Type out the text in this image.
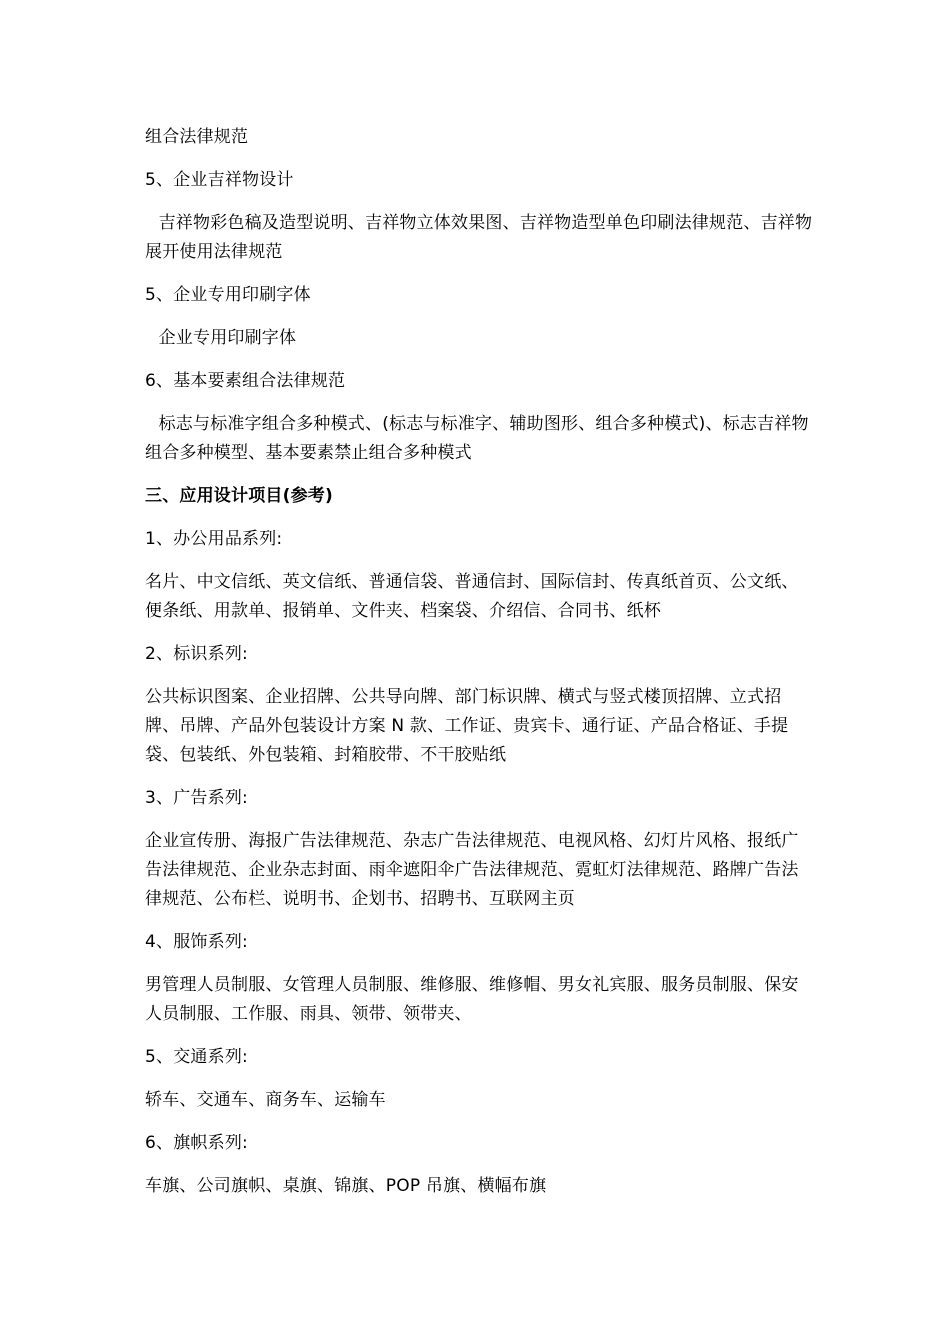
组合法律规范

5、企业吉祥物设计

吉祥物彩色稿及造型说明、吉祥物立体效果图、吉祥物造型单色印刷法律规范、吉祥物展开使用法律规范

5、企业专用印刷字体

企业专用印刷字体

6、基本要素组合法律规范

标志与标准字组合多种模式、(标志与标准字、辅助图形、组合多种模式)、标志吉祥物组合多种模型、基本要素禁止组合多种模式

三、应用设计项目(参考)

1、办公用品系列:

名片、中文信纸、英文信纸、普通信袋、普通信封、国际信封、传真纸首页、公文纸、便条纸、用款单、报销单、文件夹、档案袋、介绍信、合同书、纸杯

2、标识系列:

公共标识图案、企业招牌、公共导向牌、部门标识牌、横式与竖式楼顶招牌、立式招牌、吊牌、产品外包装设计方案 N 款、工作证、贵宾卡、通行证、产品合格证、手提袋、包装纸、外包装箱、封箱胶带、不干胶贴纸

3、广告系列:

企业宣传册、海报广告法律规范、杂志广告法律规范、电视风格、幻灯片风格、报纸广告法律规范、企业杂志封面、雨伞遮阳伞广告法律规范、霓虹灯法律规范、路牌广告法律规范、公布栏、说明书、企划书、招聘书、互联网主页

4、服饰系列:

男管理人员制服、女管理人员制服、维修服、维修帽、男女礼宾服、服务员制服、保安人员制服、工作服、雨具、领带、领带夹、

5、交通系列:

轿车、交通车、商务车、运输车

6、旗帜系列:

车旗、公司旗帜、桌旗、锦旗、POP 吊旗、横幅布旗
